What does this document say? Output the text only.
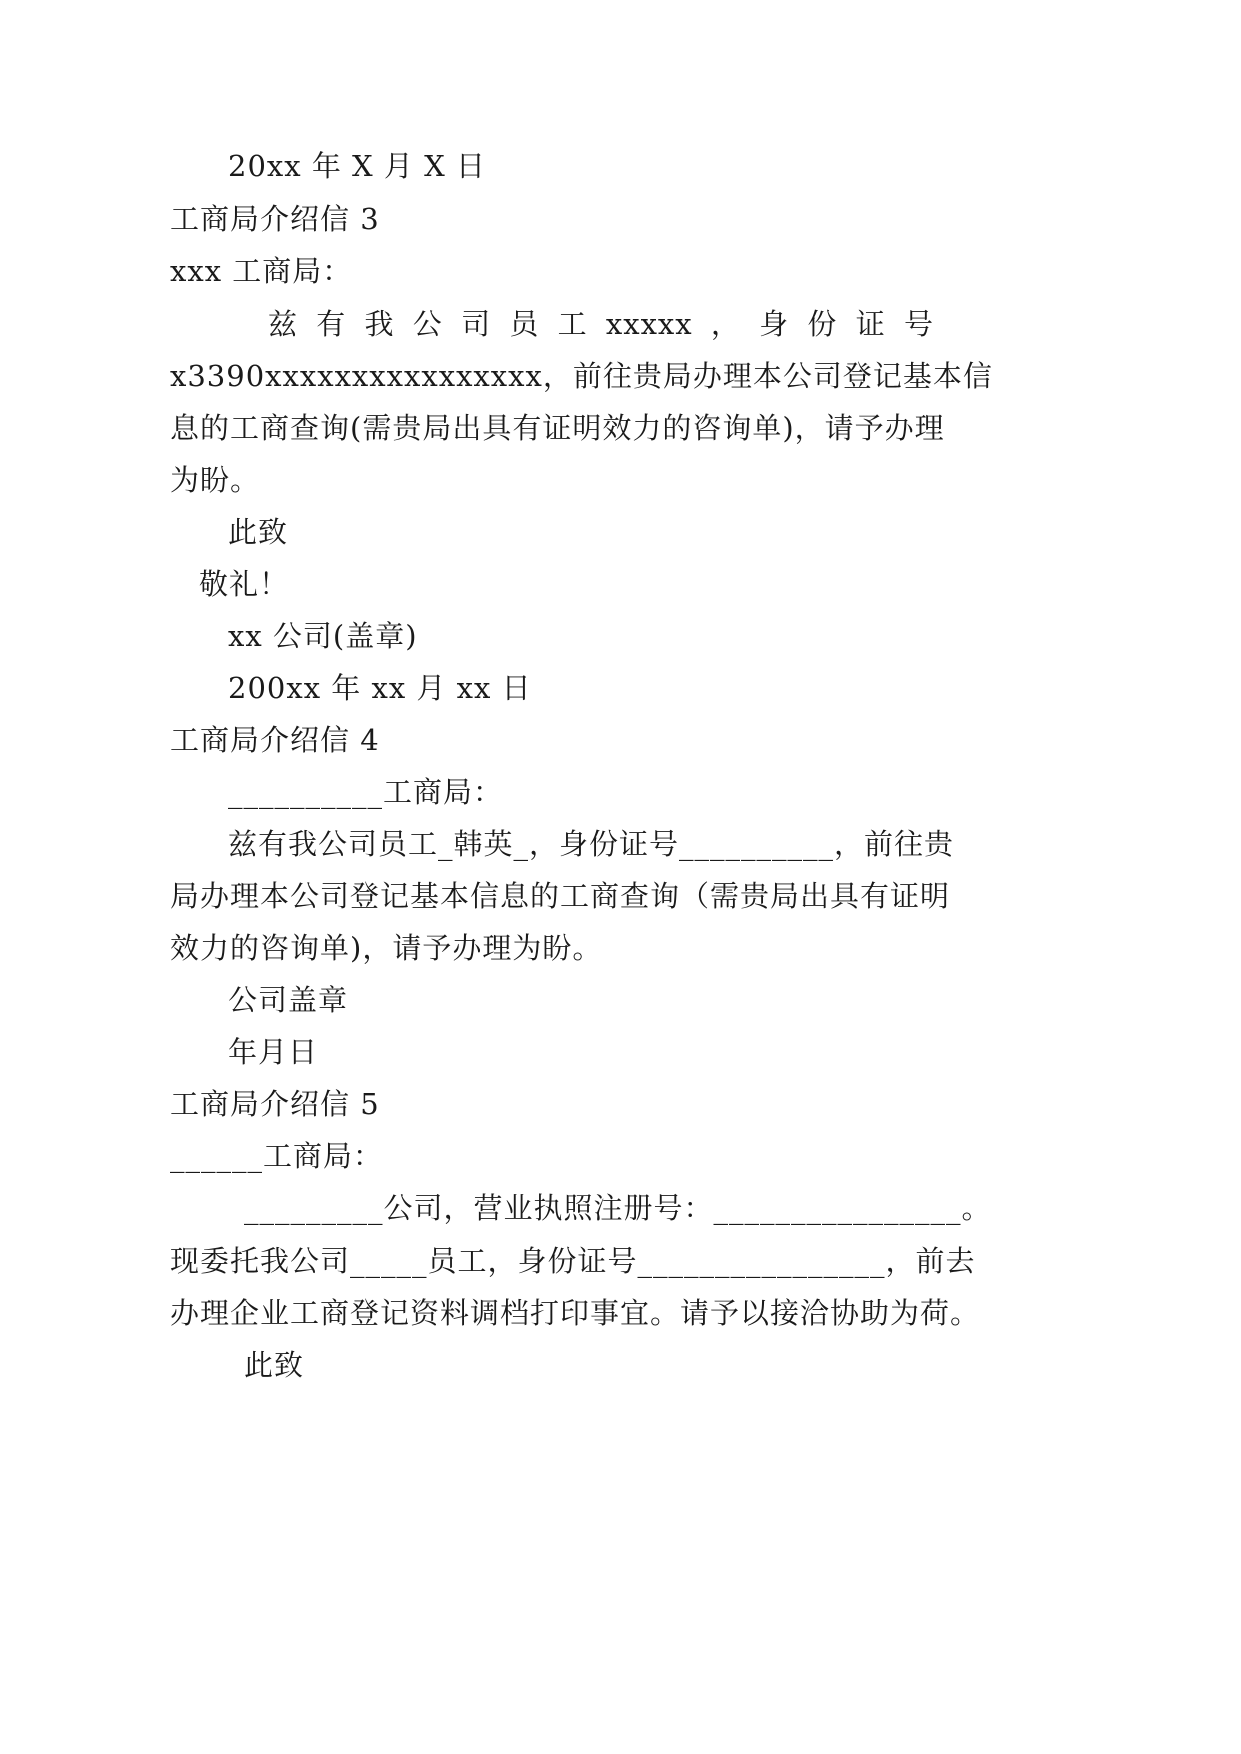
20xx 年 X 月 X 日
工商局介绍信 3
xxx 工商局：
兹 有 我 公 司 员 工 xxxxx ， 身 份 证 号
x3390xxxxxxxxxxxxxxxx，前往贵局办理本公司登记基本信
息的工商查询(需贵局出具有证明效力的咨询单)，请予办理
为盼。
此致
敬礼！
xx 公司(盖章)
200xx 年 xx 月 xx 日
工商局介绍信 4
__________工商局：
兹有我公司员工_韩英_，身份证号__________，前往贵
局办理本公司登记基本信息的工商查询（需贵局出具有证明
效力的咨询单)，请予办理为盼。
公司盖章
年月日
工商局介绍信 5
______工商局：
_________公司，营业执照注册号：________________。
现委托我公司_____员工，身份证号________________，前去
办理企业工商登记资料调档打印事宜。请予以接洽协助为荷。
此致
